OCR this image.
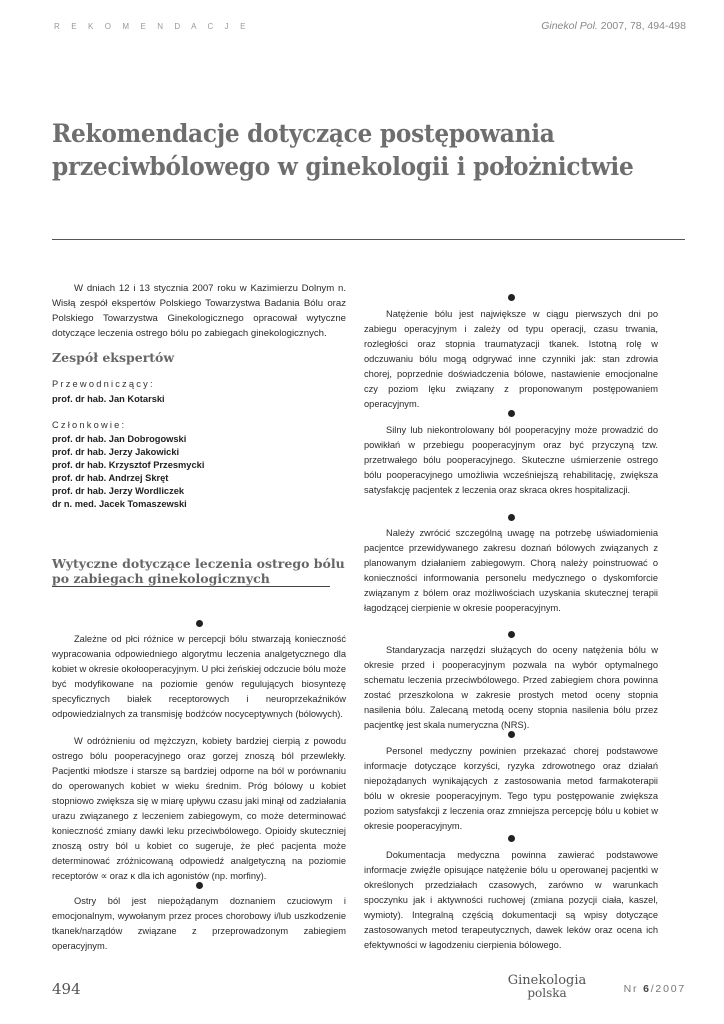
R E K O M E N D A C J E	Ginekol Pol. 2007, 78, 494-498
Rekomendacje dotyczące postępowania
przeciwbólowego w ginekologii i położnictwie

W dniach 12 i 13 stycznia 2007 roku w Kazimierzu Dolnym n. Wisłą zespół ekspertów Polskiego Towarzystwa Badania Bólu oraz Polskiego Towarzystwa Ginekologicznego opracował wytyczne dotyczące leczenia ostrego bólu po zabiegach ginekologicznych.

Zespół ekspertów
Przewodniczący:
prof. dr hab. Jan Kotarski
Członkowie:
prof. dr hab. Jan Dobrogowski
prof. dr hab. Jerzy Jakowicki
prof. dr hab. Krzysztof Przesmycki
prof. dr hab. Andrzej Skręt
prof. dr hab. Jerzy Wordliczek
dr n. med. Jacek Tomaszewski
Wytyczne dotyczące leczenia ostrego bólu
po zabiegach ginekologicznych

Zależne od płci różnice w percepcji bólu stwarzają konieczność wypracowania odpowiedniego algorytmu leczenia analgetycznego dla kobiet w okresie okołooperacyjnym. U płci żeńskiej odczucie bólu może być modyfikowane na poziomie genów regulujących biosyntezę specyficznych białek receptorowych i neuroprzekaźników odpowiedzialnych za transmisję bodźców nocyceptywnych (bólowych).

W odróżnieniu od mężczyzn, kobiety bardziej cierpią z powodu ostrego bólu pooperacyjnego oraz gorzej znoszą ból przewlekły. Pacjentki młodsze i starsze są bardziej odporne na ból w porównaniu do operowanych kobiet w wieku średnim. Próg bólowy u kobiet stopniowo zwiększa się w miarę upływu czasu jaki minął od zadziałania urazu związanego z leczeniem zabiegowym, co może determinować konieczność zmiany dawki leku przeciwbólowego. Opioidy skuteczniej znoszą ostry ból u kobiet co sugeruje, że płeć pacjenta może determinować zróżnicowaną odpowiedź analgetyczną na poziomie receptorów ∝ oraz κ dla ich agonistów (np. morfiny).

Ostry ból jest niepożądanym doznaniem czuciowym i emocjonalnym, wywołanym przez proces chorobowy i/lub uszkodzenie tkanek/narządów związane z przeprowadzonym zabiegiem operacyjnym.

Natężenie bólu jest największe w ciągu pierwszych dni po zabiegu operacyjnym i zależy od typu operacji, czasu trwania, rozległości oraz stopnia traumatyzacji tkanek. Istotną rolę w odczuwaniu bólu mogą odgrywać inne czynniki jak: stan zdrowia chorej, poprzednie doświadczenia bólowe, nastawienie emocjonalne czy poziom lęku związany z proponowanym postępowaniem operacyjnym.

Silny lub niekontrolowany ból pooperacyjny może prowadzić do powikłań w przebiegu pooperacyjnym oraz być przyczyną tzw. przetrwałego bólu pooperacyjnego. Skuteczne uśmierzenie ostrego bólu pooperacyjnego umożliwia wcześniejszą rehabilitację, zwiększa satysfakcję pacjentek z leczenia oraz skraca okres hospitalizacji.

Należy zwrócić szczególną uwagę na potrzebę uświadomienia pacjentce przewidywanego zakresu doznań bólowych związanych z planowanym działaniem zabiegowym. Chorą należy poinstruować o konieczności informowania personelu medycznego o dyskomforcie związanym z bólem oraz możliwościach uzyskania skutecznej terapii łagodzącej cierpienie w okresie pooperacyjnym.

Standaryzacja narzędzi służących do oceny natężenia bólu w okresie przed i pooperacyjnym pozwala na wybór optymalnego schematu leczenia przeciwbólowego. Przed zabiegiem chora powinna zostać przeszkolona w zakresie prostych metod oceny stopnia nasilenia bólu. Zalecaną metodą oceny stopnia nasilenia bólu przez pacjentkę jest skala numeryczna (NRS).

Personel medyczny powinien przekazać chorej podstawowe informacje dotyczące korzyści, ryzyka zdrowotnego oraz działań niepożądanych wynikających z zastosowania metod farmakoterapii bólu w okresie pooperacyjnym. Tego typu postępowanie zwiększa poziom satysfakcji z leczenia oraz zmniejsza percepcję bólu u kobiet w okresie pooperacyjnym.

Dokumentacja medyczna powinna zawierać podstawowe informacje zwięźle opisujące natężenie bólu u operowanej pacjentki w określonych przedziałach czasowych, zarówno w warunkach spoczynku jak i aktywności ruchowej (zmiana pozycji ciała, kaszel, wymioty). Integralną częścią dokumentacji są wpisy dotyczące zastosowanych metod terapeutycznych, dawek leków oraz ocena ich efektywności w łagodzeniu cierpienia bólowego.

494	Ginekologia
polska	Nr 6/2007
